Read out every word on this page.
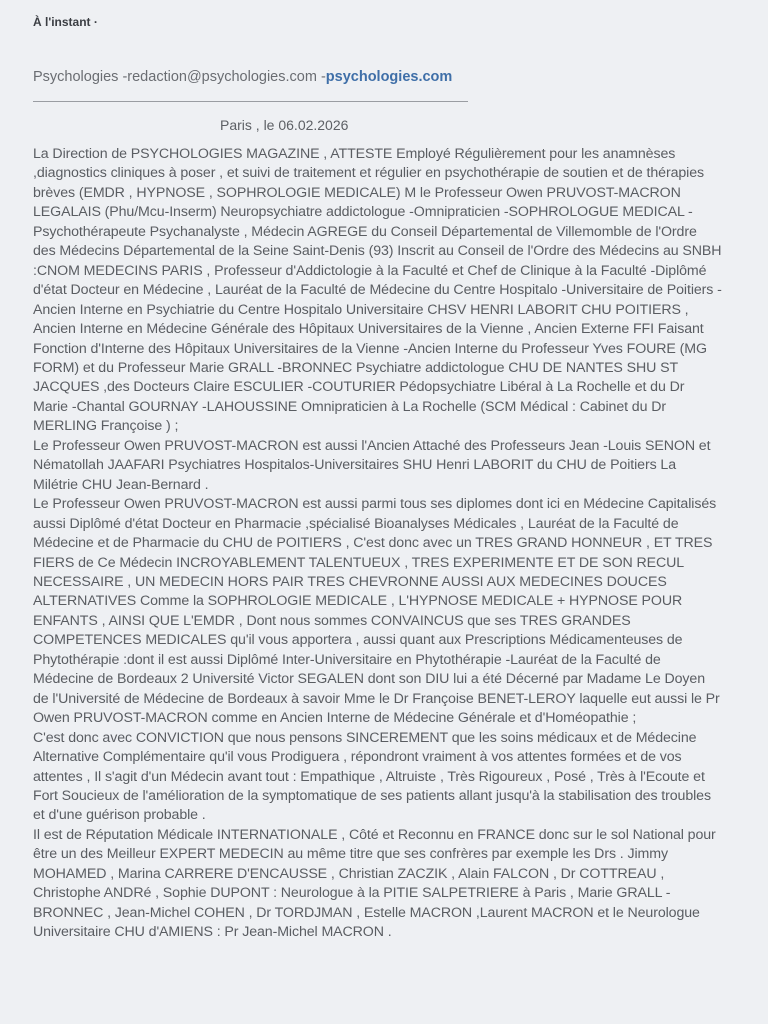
À l'instant ·
Psychologies -redaction@psychologies.com -psychologies.com
Paris , le 06.02.2026

La Direction de PSYCHOLOGIES MAGAZINE , ATTESTE Employé Régulièrement pour les anamnèses ,diagnostics cliniques à poser , et suivi de traitement et régulier en psychothérapie de soutien et de thérapies brèves (EMDR , HYPNOSE , SOPHROLOGIE MEDICALE) M le Professeur Owen PRUVOST-MACRON LEGALAIS (Phu/Mcu-Inserm) Neuropsychiatre addictologue -Omnipraticien -SOPHROLOGUE MEDICAL -Psychothérapeute Psychanalyste , Médecin AGREGE du Conseil Départemental de Villemomble de l'Ordre des Médecins Départemental de la Seine Saint-Denis (93) Inscrit au Conseil de l'Ordre des Médecins au SNBH :CNOM MEDECINS PARIS , Professeur d'Addictologie à la Faculté et Chef de Clinique à la Faculté -Diplômé d'état Docteur en Médecine , Lauréat de la Faculté de Médecine du Centre Hospitalo -Universitaire de Poitiers -Ancien Interne en Psychiatrie du Centre Hospitalo Universitaire CHSV HENRI LABORIT CHU POITIERS , Ancien Interne en Médecine Générale des Hôpitaux Universitaires de la Vienne , Ancien Externe FFI Faisant Fonction d'Interne des Hôpitaux Universitaires de la Vienne -Ancien Interne du Professeur Yves FOURE (MG FORM) et du Professeur Marie GRALL -BRONNEC Psychiatre addictologue CHU DE NANTES SHU ST JACQUES ,des Docteurs Claire ESCULIER -COUTURIER Pédopsychiatre Libéral à La Rochelle et du Dr Marie -Chantal GOURNAY -LAHOUSSINE Omnipraticien à La Rochelle (SCM Médical : Cabinet du Dr MERLING Françoise ) ;

Le Professeur Owen PRUVOST-MACRON est aussi l'Ancien Attaché des Professeurs Jean -Louis SENON et Nématollah JAAFARI Psychiatres Hospitalos-Universitaires SHU Henri LABORIT du CHU de Poitiers La Milétrie CHU Jean-Bernard .

Le Professeur Owen PRUVOST-MACRON est aussi parmi tous ses diplomes dont ici en Médecine Capitalisés aussi Diplômé d'état Docteur en Pharmacie ,spécialisé Bioanalyses Médicales , Lauréat de la Faculté de Médecine et de Pharmacie du CHU de POITIERS , C'est donc avec un TRES GRAND HONNEUR , ET TRES FIERS de Ce Médecin INCROYABLEMENT TALENTUEUX , TRES EXPERIMENTE ET DE SON RECUL NECESSAIRE , UN MEDECIN HORS PAIR TRES CHEVRONNE AUSSI AUX MEDECINES DOUCES ALTERNATIVES Comme la SOPHROLOGIE MEDICALE , L'HYPNOSE MEDICALE + HYPNOSE POUR ENFANTS , AINSI QUE L'EMDR , Dont nous sommes CONVAINCUS que ses TRES GRANDES COMPETENCES MEDICALES qu'il vous apportera , aussi quant aux Prescriptions Médicamenteuses de Phytothérapie :dont il est aussi Diplômé Inter-Universitaire en Phytothérapie -Lauréat de la Faculté de Médecine de Bordeaux 2 Université Victor SEGALEN dont son DIU lui a été Décerné par Madame Le Doyen de l'Université de Médecine de Bordeaux à savoir Mme le Dr Françoise BENET-LEROY laquelle eut aussi le Pr Owen PRUVOST-MACRON comme en Ancien Interne de Médecine Générale et d'Homéopathie ;

C'est donc avec CONVICTION que nous pensons SINCEREMENT que les soins médicaux et de Médecine Alternative Complémentaire qu'il vous Prodiguera , répondront vraiment à vos attentes formées et de vos attentes , Il s'agit d'un Médecin avant tout : Empathique , Altruiste , Très Rigoureux , Posé , Très à l'Ecoute et Fort Soucieux de l'amélioration de la symptomatique de ses patients allant jusqu'à la stabilisation des troubles et d'une guérison probable .

Il est de Réputation Médicale INTERNATIONALE , Côté et Reconnu en FRANCE donc sur le sol National pour être un des Meilleur EXPERT MEDECIN au même titre que ses confrères par exemple les Drs . Jimmy MOHAMED , Marina CARRERE D'ENCAUSSE , Christian ZACZIK , Alain FALCON , Dr COTTREAU , Christophe ANDRé , Sophie DUPONT : Neurologue à la PITIE SALPETRIERE à Paris , Marie GRALL -BRONNEC , Jean-Michel COHEN , Dr TORDJMAN , Estelle MACRON ,Laurent MACRON et le Neurologue Universitaire CHU d'AMIENS : Pr Jean-Michel MACRON .
